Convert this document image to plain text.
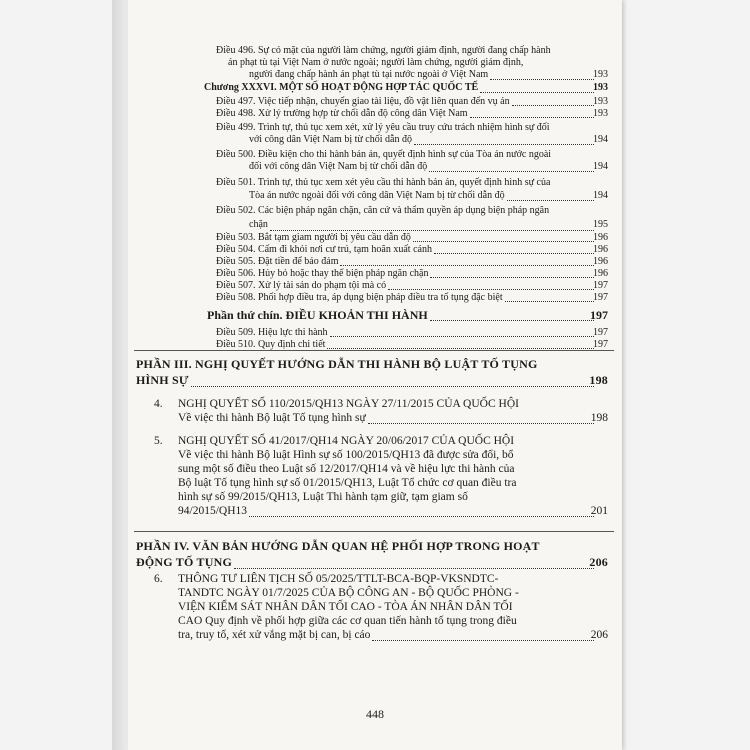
448
Điều 496. Sự có mặt của người làm chứng, người giám định, người đang chấp hành
án phạt tù tại Việt Nam ở nước ngoài; người làm chứng, người giám định,
người đang chấp hành án phạt tù tại nước ngoài ở Việt Nam	193
Chương XXXVI. MỘT SỐ HOẠT ĐỘNG HỢP TÁC QUỐC TẾ	193
Điều 497. Việc tiếp nhận, chuyển giao tài liệu, đồ vật liên quan đến vụ án	193
Điều 498. Xử lý trường hợp từ chối dẫn độ công dân Việt Nam	193
Điều 499. Trình tự, thủ tục xem xét, xử lý yêu cầu truy cứu trách nhiệm hình sự đối
với công dân Việt Nam bị từ chối dẫn độ	194
Điều 500. Điều kiện cho thi hành bản án, quyết định hình sự của Tòa án nước ngoài
đối với công dân Việt Nam bị từ chối dẫn độ	194
Điều 501. Trình tự, thủ tục xem xét yêu cầu thi hành bản án, quyết định hình sự của
Tòa án nước ngoài đối với công dân Việt Nam bị từ chối dẫn độ	194
Điều 502. Các biện pháp ngăn chặn, căn cứ và thẩm quyền áp dụng biện pháp ngăn
chặn	195
Điều 503. Bắt tạm giam người bị yêu cầu dẫn độ	196
Điều 504. Cấm đi khỏi nơi cư trú, tạm hoãn xuất cảnh	196
Điều 505. Đặt tiền để bảo đảm	196
Điều 506. Hủy bỏ hoặc thay thế biện pháp ngăn chặn	196
Điều 507. Xử lý tài sản do phạm tội mà có	197
Điều 508. Phối hợp điều tra, áp dụng biện pháp điều tra tố tụng đặc biệt	197
Phần thứ chín. ĐIỀU KHOẢN THI HÀNH	197
Điều 509. Hiệu lực thi hành	197
Điều 510. Quy định chi tiết	197
PHẦN III. NGHỊ QUYẾT HƯỚNG DẪN THI HÀNH BỘ LUẬT TỐ TỤNG
HÌNH SỰ	198
4. NGHỊ QUYẾT SỐ 110/2015/QH13 NGÀY 27/11/2015 CỦA QUỐC HỘI
Về việc thi hành Bộ luật Tố tụng hình sự	198
5. NGHỊ QUYẾT SỐ 41/2017/QH14 NGÀY 20/06/2017 CỦA QUỐC HỘI
Về việc thi hành Bộ luật Hình sự số 100/2015/QH13 đã được sửa đổi, bổ
sung một số điều theo Luật số 12/2017/QH14 và về hiệu lực thi hành của
Bộ luật Tố tụng hình sự số 01/2015/QH13, Luật Tổ chức cơ quan điều tra
hình sự số 99/2015/QH13, Luật Thi hành tạm giữ, tạm giam số
94/2015/QH13	201
PHẦN IV. VĂN BẢN HƯỚNG DẪN QUAN HỆ PHỐI HỢP TRONG HOẠT
ĐỘNG TỐ TỤNG	206
6. THÔNG TƯ LIÊN TỊCH SỐ 05/2025/TTLT-BCA-BQP-VKSNDTC-
TANDTC NGÀY 01/7/2025 CỦA BỘ CÔNG AN - BỘ QUỐC PHÒNG -
VIỆN KIỂM SÁT NHÂN DÂN TỐI CAO - TÒA ÁN NHÂN DÂN TỐI
CAO Quy định về phối hợp giữa các cơ quan tiến hành tố tụng trong điều
tra, truy tố, xét xử vắng mặt bị can, bị cáo	206
